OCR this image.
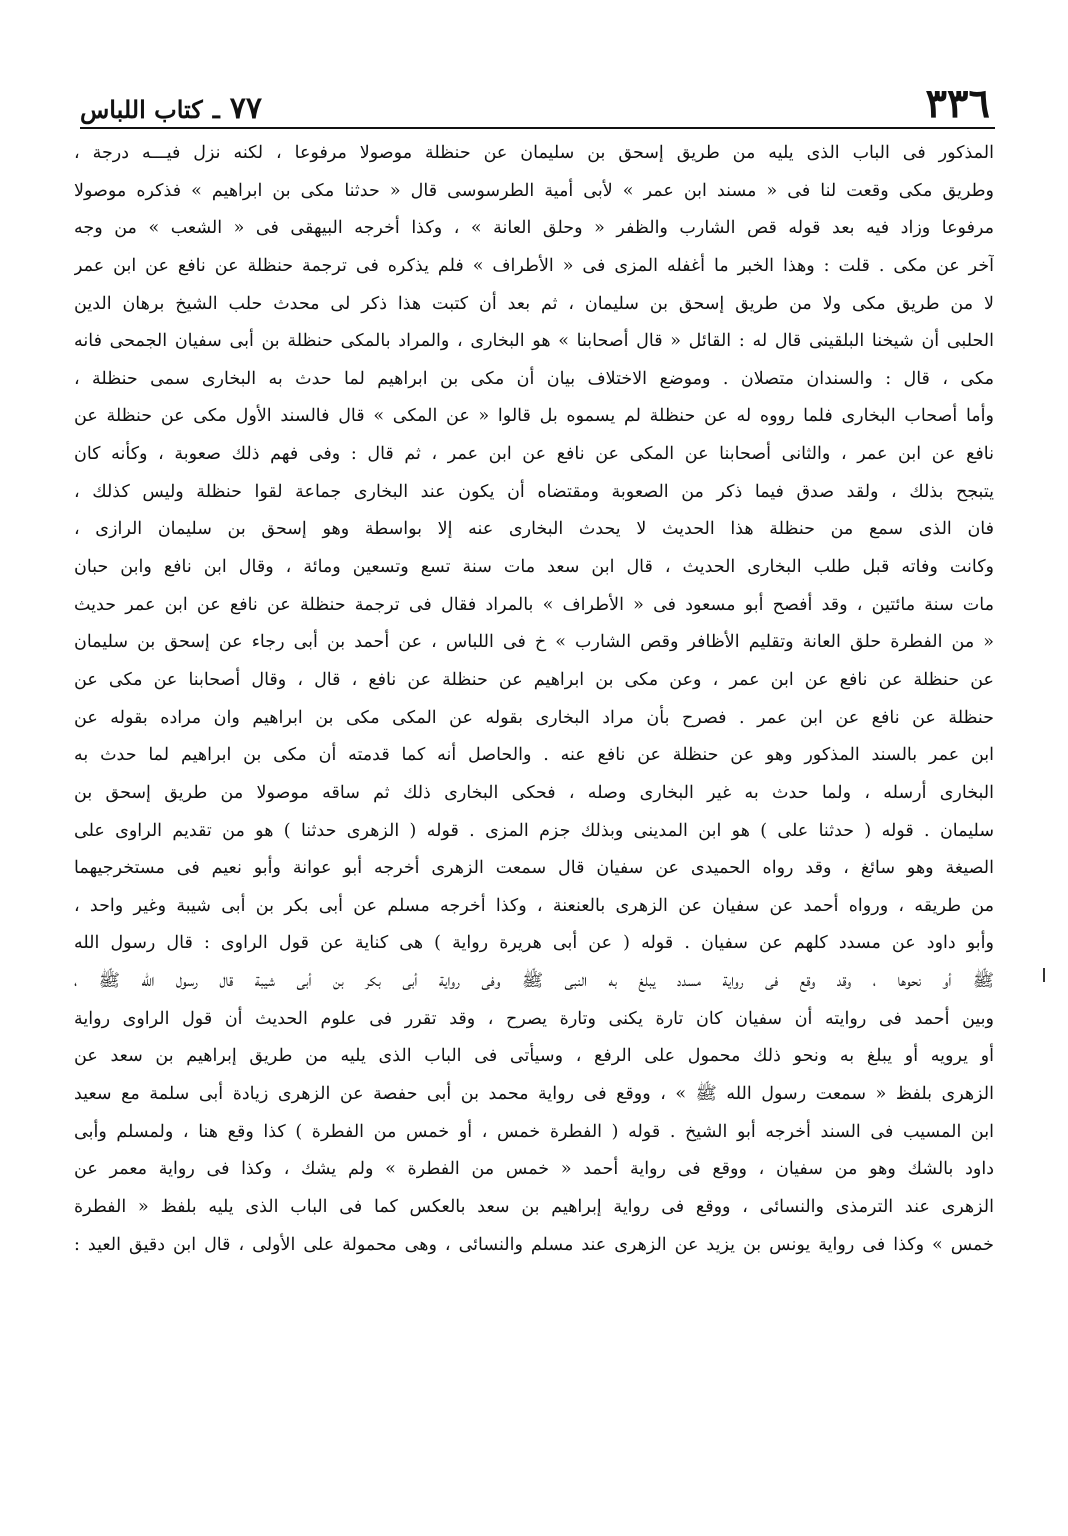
٣٣٦
٧٧
ـ
كتاب اللباس
المذكور فى الباب الذى يليه من طريق إسحق بن سليمان عن حنظلة موصولا مرفوعا ، لكنه نزل فيـــه درجة ،
وطريق مكى وقعت لنا فى « مسند ابن عمر » لأبى أمية الطرسوسى قال « حدثنا مكى بن ابراهيم » فذكره موصولا
مرفوعا وزاد فيه بعد قوله قص الشارب والظفر « وحلق العانة » ، وكذا أخرجه البيهقى فى « الشعب » من وجه
آخر عن مكى . قلت : وهذا الخبر ما أغفله المزى فى « الأطراف » فلم يذكره فى ترجمة حنظلة عن نافع عن ابن عمر
لا من طريق مكى ولا من طريق إسحق بن سليمان ، ثم بعد أن كتبت هذا ذكر لى محدث حلب الشيخ برهان الدين
الحلبى أن شيخنا البلقينى قال له : القائل « قال أصحابنا » هو البخارى ، والمراد بالمكى حنظلة بن أبى سفيان الجمحى فانه
مكى ، قال : والسندان متصلان . وموضع الاختلاف بيان أن مكى بن ابراهيم لما حدث به البخارى سمى حنظلة ،
وأما أصحاب البخارى فلما رووه له عن حنظلة لم يسموه بل قالوا « عن المكى » قال فالسند الأول مكى عن حنظلة عن
نافع عن ابن عمر ، والثانى أصحابنا عن المكى عن نافع عن ابن عمر ، ثم قال : وفى فهم ذلك صعوبة ، وكأنه كان
يتبجح بذلك ، ولقد صدق فيما ذكر من الصعوبة ومقتضاه أن يكون عند البخارى جماعة لقوا حنظلة وليس كذلك ،
فان الذى سمع من حنظلة هذا الحديث لا يحدث البخارى عنه إلا بواسطة وهو إسحق بن سليمان الرازى ،
وكانت وفاته قبل طلب البخارى الحديث ، قال ابن سعد مات سنة تسع وتسعين ومائة ، وقال ابن نافع وابن حبان
مات سنة مائتين ، وقد أفصح أبو مسعود فى « الأطراف » بالمراد فقال فى ترجمة حنظلة عن نافع عن ابن عمر حديث
« من الفطرة حلق العانة وتقليم الأظافر وقص الشارب » خ فى اللباس ، عن أحمد بن أبى رجاء عن إسحق بن سليمان
عن حنظلة عن نافع عن ابن عمر ، وعن مكى بن ابراهيم عن حنظلة عن نافع ، قال ، وقال أصحابنا عن مكى عن
حنظلة عن نافع عن ابن عمر . فصرح بأن مراد البخارى بقوله عن المكى مكى بن ابراهيم وان مراده بقوله عن
ابن عمر بالسند المذكور وهو عن حنظلة عن نافع عنه . والحاصل أنه كما قدمته أن مكى بن ابراهيم لما حدث به
البخارى أرسله ، ولما حدث به غير البخارى وصله ، فحكى البخارى ذلك ثم ساقه موصولا من طريق إسحق بن
سليمان . قوله ( حدثنا على ) هو ابن المدينى وبذلك جزم المزى . قوله ( الزهرى حدثنا ) هو من تقديم الراوى على
الصيغة وهو سائغ ، وقد رواه الحميدى عن سفيان قال سمعت الزهرى أخرجه أبو عوانة وأبو نعيم فى مستخرجيهما
من طريقه ، ورواه أحمد عن سفيان عن الزهرى بالعنعنة ، وكذا أخرجه مسلم عن أبى بكر بن أبى شيبة وغير واحد ،
وأبو داود عن مسدد كلهم عن سفيان . قوله ( عن أبى هريرة رواية ) هى كناية عن قول الراوى : قال رسول الله
ﷺ أو نحوها ، وقد وقع فى رواية مسدد يبلغ به النبى ﷺ وفى رواية أبى بكر بن أبى شيبة قال رسول الله ﷺ ،
وبين أحمد فى روايته أن سفيان كان تارة يكنى وتارة يصرح ، وقد تقرر فى علوم الحديث أن قول الراوى رواية
أو يرويه أو يبلغ به ونحو ذلك محمول على الرفع ، وسيأتى فى الباب الذى يليه من طريق إبراهيم بن سعد عن
الزهرى بلفظ « سمعت رسول الله ﷺ » ، ووقع فى رواية محمد بن أبى حفصة عن الزهرى زيادة أبى سلمة مع سعيد
ابن المسيب فى السند أخرجه أبو الشيخ . قوله ( الفطرة خمس ، أو خمس من الفطرة ) كذا وقع هنا ، ولمسلم وأبى
داود بالشك وهو من سفيان ، ووقع فى رواية أحمد « خمس من الفطرة » ولم يشك ، وكذا فى رواية معمر عن
الزهرى عند الترمذى والنسائى ، ووقع فى رواية إبراهيم بن سعد بالعكس كما فى الباب الذى يليه بلفظ « الفطرة
خمس » وكذا فى رواية يونس بن يزيد عن الزهرى عند مسلم والنسائى ، وهى محمولة على الأولى ، قال ابن دقيق العيد :
